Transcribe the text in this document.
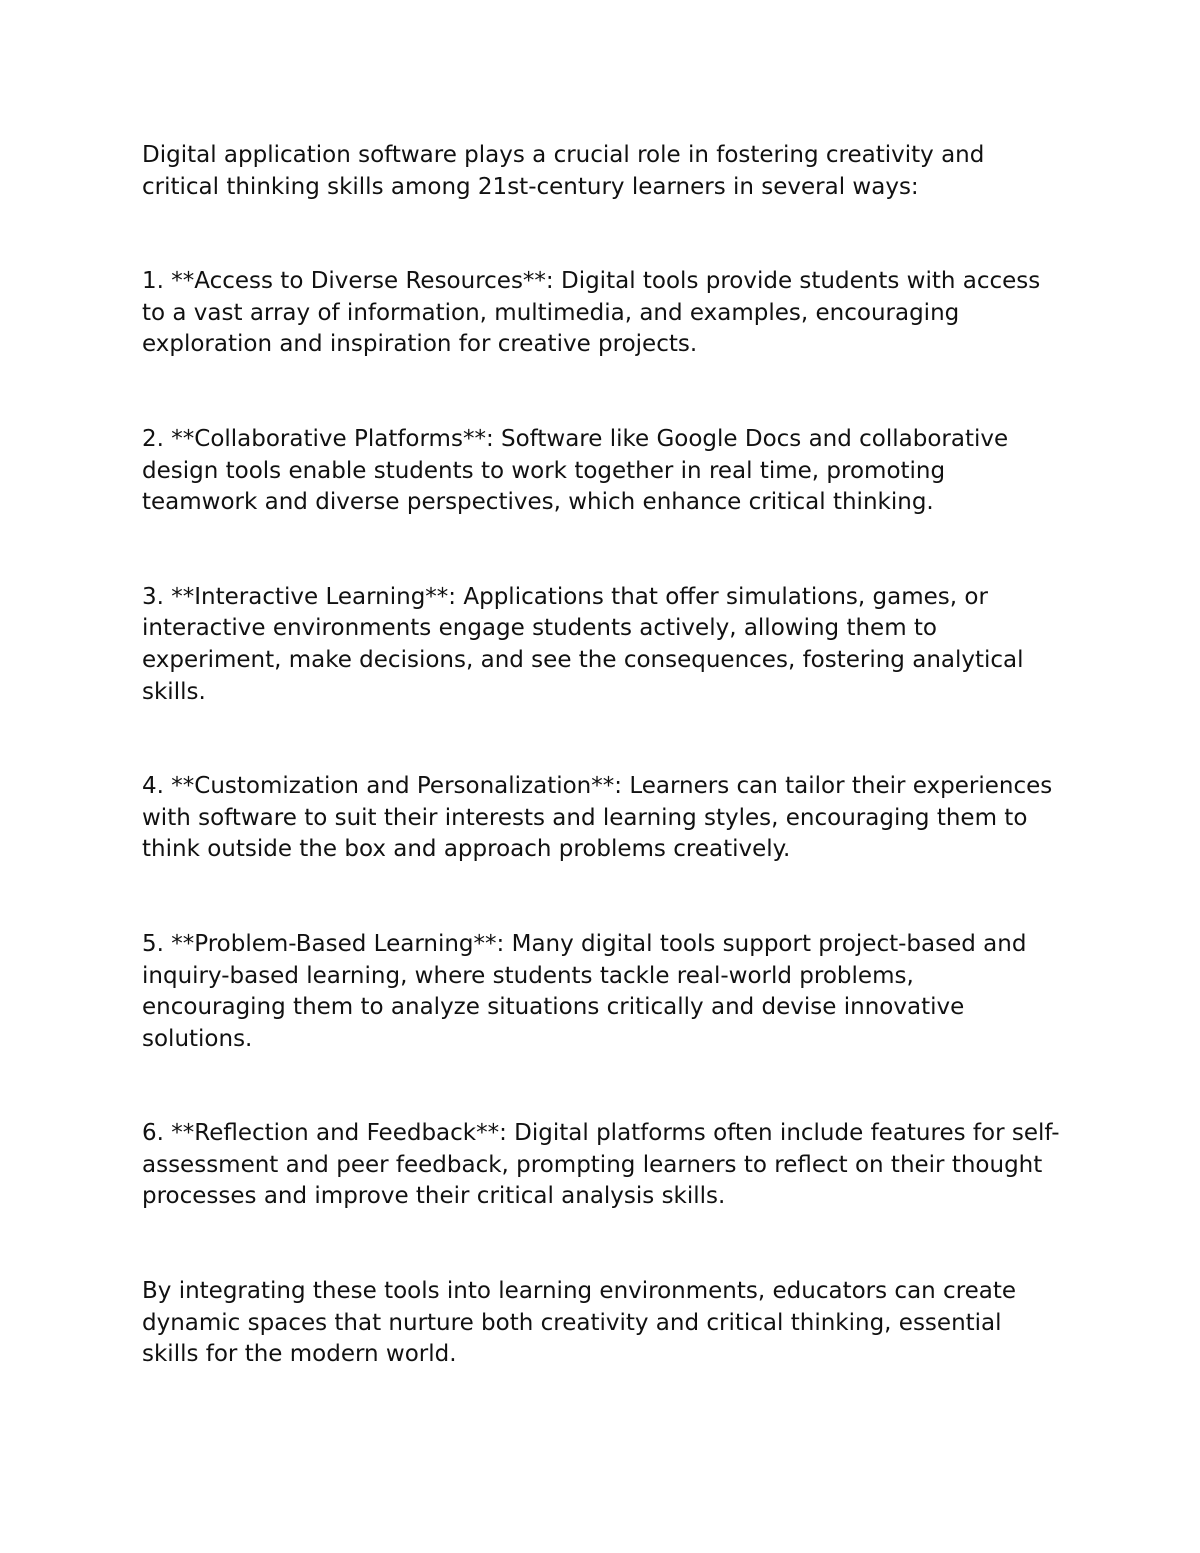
Digital application software plays a crucial role in fostering creativity and critical thinking skills among 21st-century learners in several ways:

1. **Access to Diverse Resources**: Digital tools provide students with access to a vast array of information, multimedia, and examples, encouraging exploration and inspiration for creative projects.

2. **Collaborative Platforms**: Software like Google Docs and collaborative design tools enable students to work together in real time, promoting teamwork and diverse perspectives, which enhance critical thinking.

3. **Interactive Learning**: Applications that offer simulations, games, or interactive environments engage students actively, allowing them to experiment, make decisions, and see the consequences, fostering analytical skills.

4. **Customization and Personalization**: Learners can tailor their experiences with software to suit their interests and learning styles, encouraging them to think outside the box and approach problems creatively.

5. **Problem-Based Learning**: Many digital tools support project-based and inquiry-based learning, where students tackle real-world problems, encouraging them to analyze situations critically and devise innovative solutions.

6. **Reflection and Feedback**: Digital platforms often include features for self-assessment and peer feedback, prompting learners to reflect on their thought processes and improve their critical analysis skills.

By integrating these tools into learning environments, educators can create dynamic spaces that nurture both creativity and critical thinking, essential skills for the modern world.
